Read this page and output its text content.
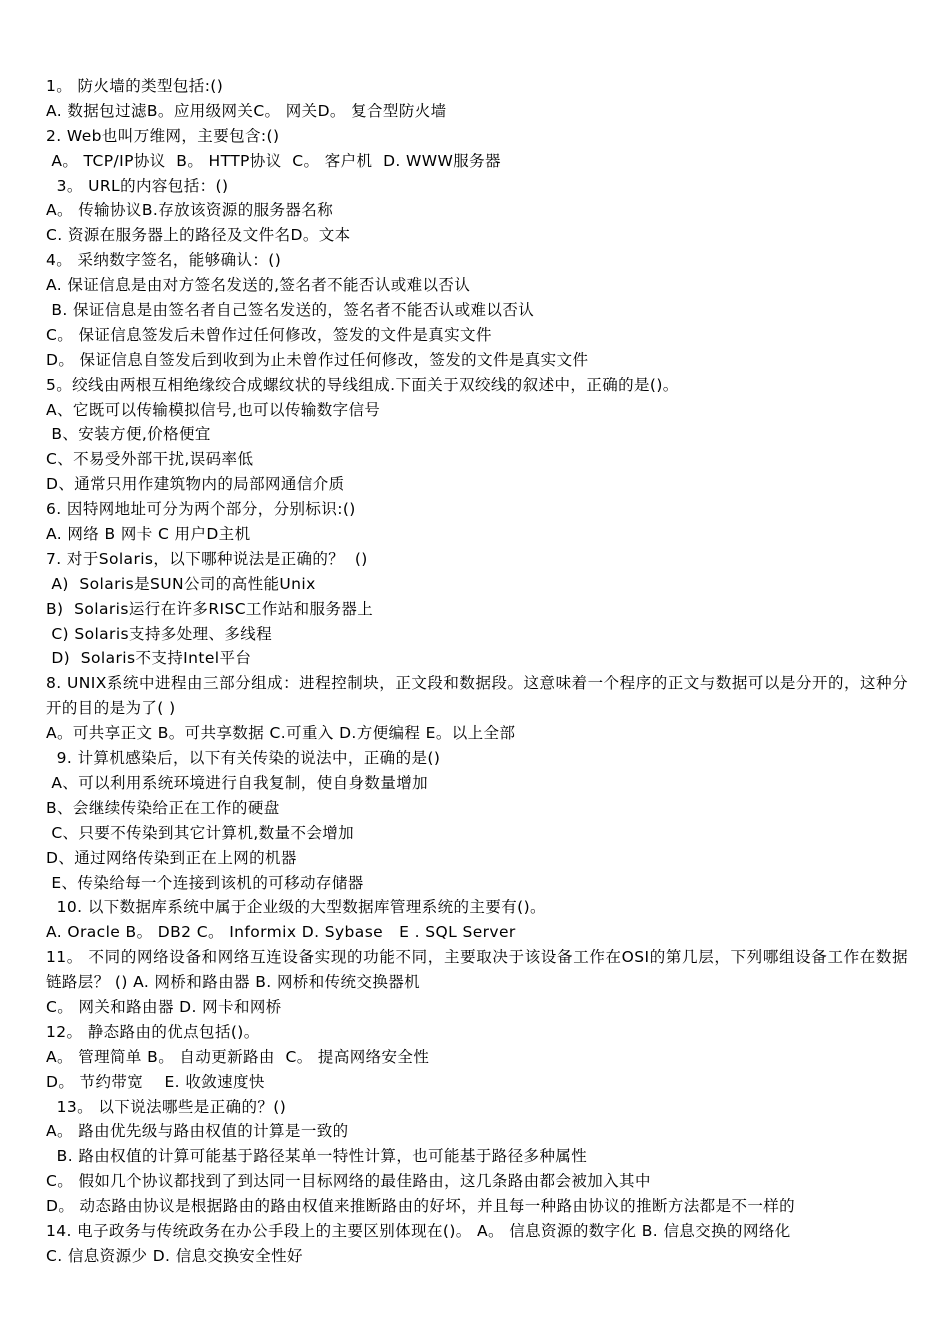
1。 防火墙的类型包括:()
A. 数据包过滤B。应用级网关C。 网关D。 复合型防火墙
2. Web也叫万维网，主要包含:()
A。 TCP/IP协议  B。 HTTP协议  C。 客户机  D. WWW服务器
3。 URL的内容包括：()
A。 传输协议B.存放该资源的服务器名称
C. 资源在服务器上的路径及文件名D。文本
4。 采纳数字签名，能够确认：()
A. 保证信息是由对方签名发送的,签名者不能否认或难以否认
B. 保证信息是由签名者自己签名发送的，签名者不能否认或难以否认
C。 保证信息签发后未曾作过任何修改，签发的文件是真实文件
D。 保证信息自签发后到收到为止未曾作过任何修改，签发的文件是真实文件
5。绞线由两根互相绝缘绞合成螺纹状的导线组成.下面关于双绞线的叙述中，正确的是()。
A、它既可以传输模拟信号,也可以传输数字信号
B、安装方便,价格便宜
C、不易受外部干扰,误码率低
D、通常只用作建筑物内的局部网通信介质
6. 因特网地址可分为两个部分，分别标识:()
A. 网络 B 网卡 C 用户D主机
7. 对于Solaris，以下哪种说法是正确的？  ()
A)  Solaris是SUN公司的高性能Unix
B)  Solaris运行在许多RISC工作站和服务器上
C) Solaris支持多处理、多线程
D)  Solaris不支持Intel平台
8. UNIX系统中进程由三部分组成：进程控制块，正文段和数据段。这意味着一个程序的正文与数据可以是分开的，这种分开的目的是为了( )
A。可共享正文 B。可共享数据 C.可重入 D.方便编程 E。以上全部
9. 计算机感染后，以下有关传染的说法中，正确的是()
A、可以利用系统环境进行自我复制，使自身数量增加
B、会继续传染给正在工作的硬盘
C、只要不传染到其它计算机,数量不会增加
D、通过网络传染到正在上网的机器
E、传染给每一个连接到该机的可移动存储器
10. 以下数据库系统中属于企业级的大型数据库管理系统的主要有()。
A. Oracle B。 DB2 C。 Informix D. Sybase   E . SQL Server
11。 不同的网络设备和网络互连设备实现的功能不同，主要取决于该设备工作在OSI的第几层，下列哪组设备工作在数据链路层？ () A. 网桥和路由器 B. 网桥和传统交换器机
C。 网关和路由器 D. 网卡和网桥
12。 静态路由的优点包括()。
A。 管理简单 B。 自动更新路由  C。 提高网络安全性
D。 节约带宽    E. 收敛速度快
13。 以下说法哪些是正确的？()
A。 路由优先级与路由权值的计算是一致的
B. 路由权值的计算可能基于路径某单一特性计算，也可能基于路径多种属性
C。 假如几个协议都找到了到达同一目标网络的最佳路由，这几条路由都会被加入其中
D。 动态路由协议是根据路由的路由权值来推断路由的好坏，并且每一种路由协议的推断方法都是不一样的
14. 电子政务与传统政务在办公手段上的主要区别体现在()。 A。 信息资源的数字化 B. 信息交换的网络化
C. 信息资源少 D. 信息交换安全性好
